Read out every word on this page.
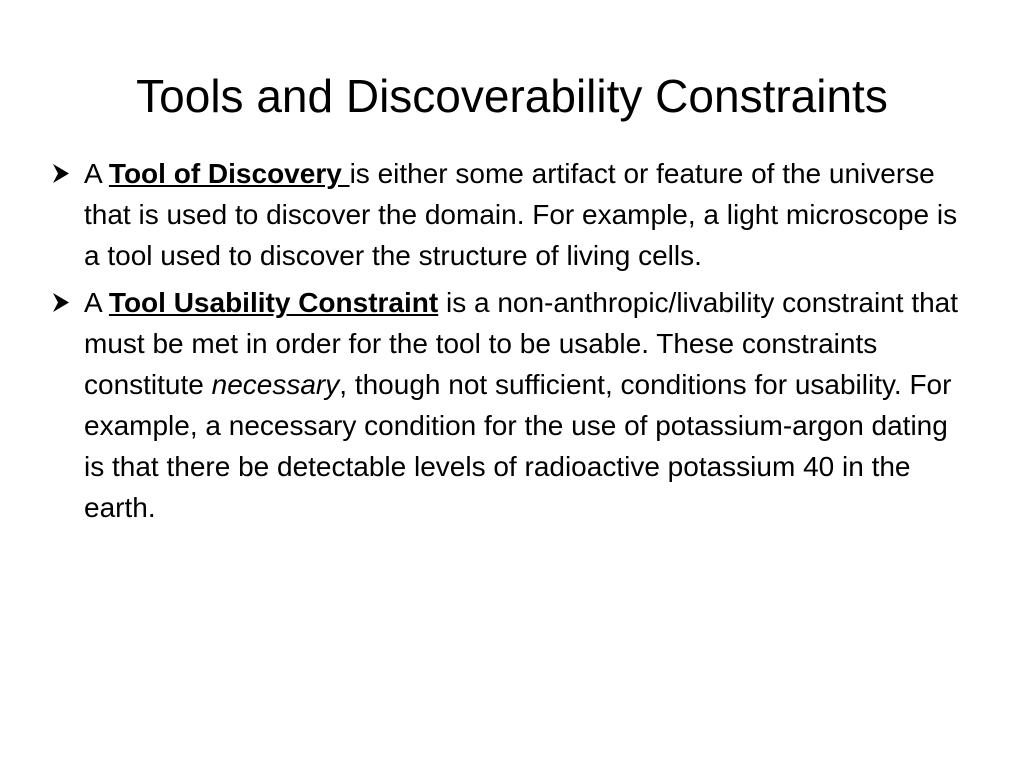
Tools and Discoverability Constraints
A Tool of Discovery is either some artifact or feature of the universe that is used to discover the domain. For example, a light microscope is a tool used to discover the structure of living cells.
A Tool Usability Constraint is a non-anthropic/livability constraint that must be met in order for the tool to be usable. These constraints constitute necessary, though not sufficient, conditions for usability. For example, a necessary condition for the use of potassium-argon dating is that there be detectable levels of radioactive potassium 40 in the earth.
